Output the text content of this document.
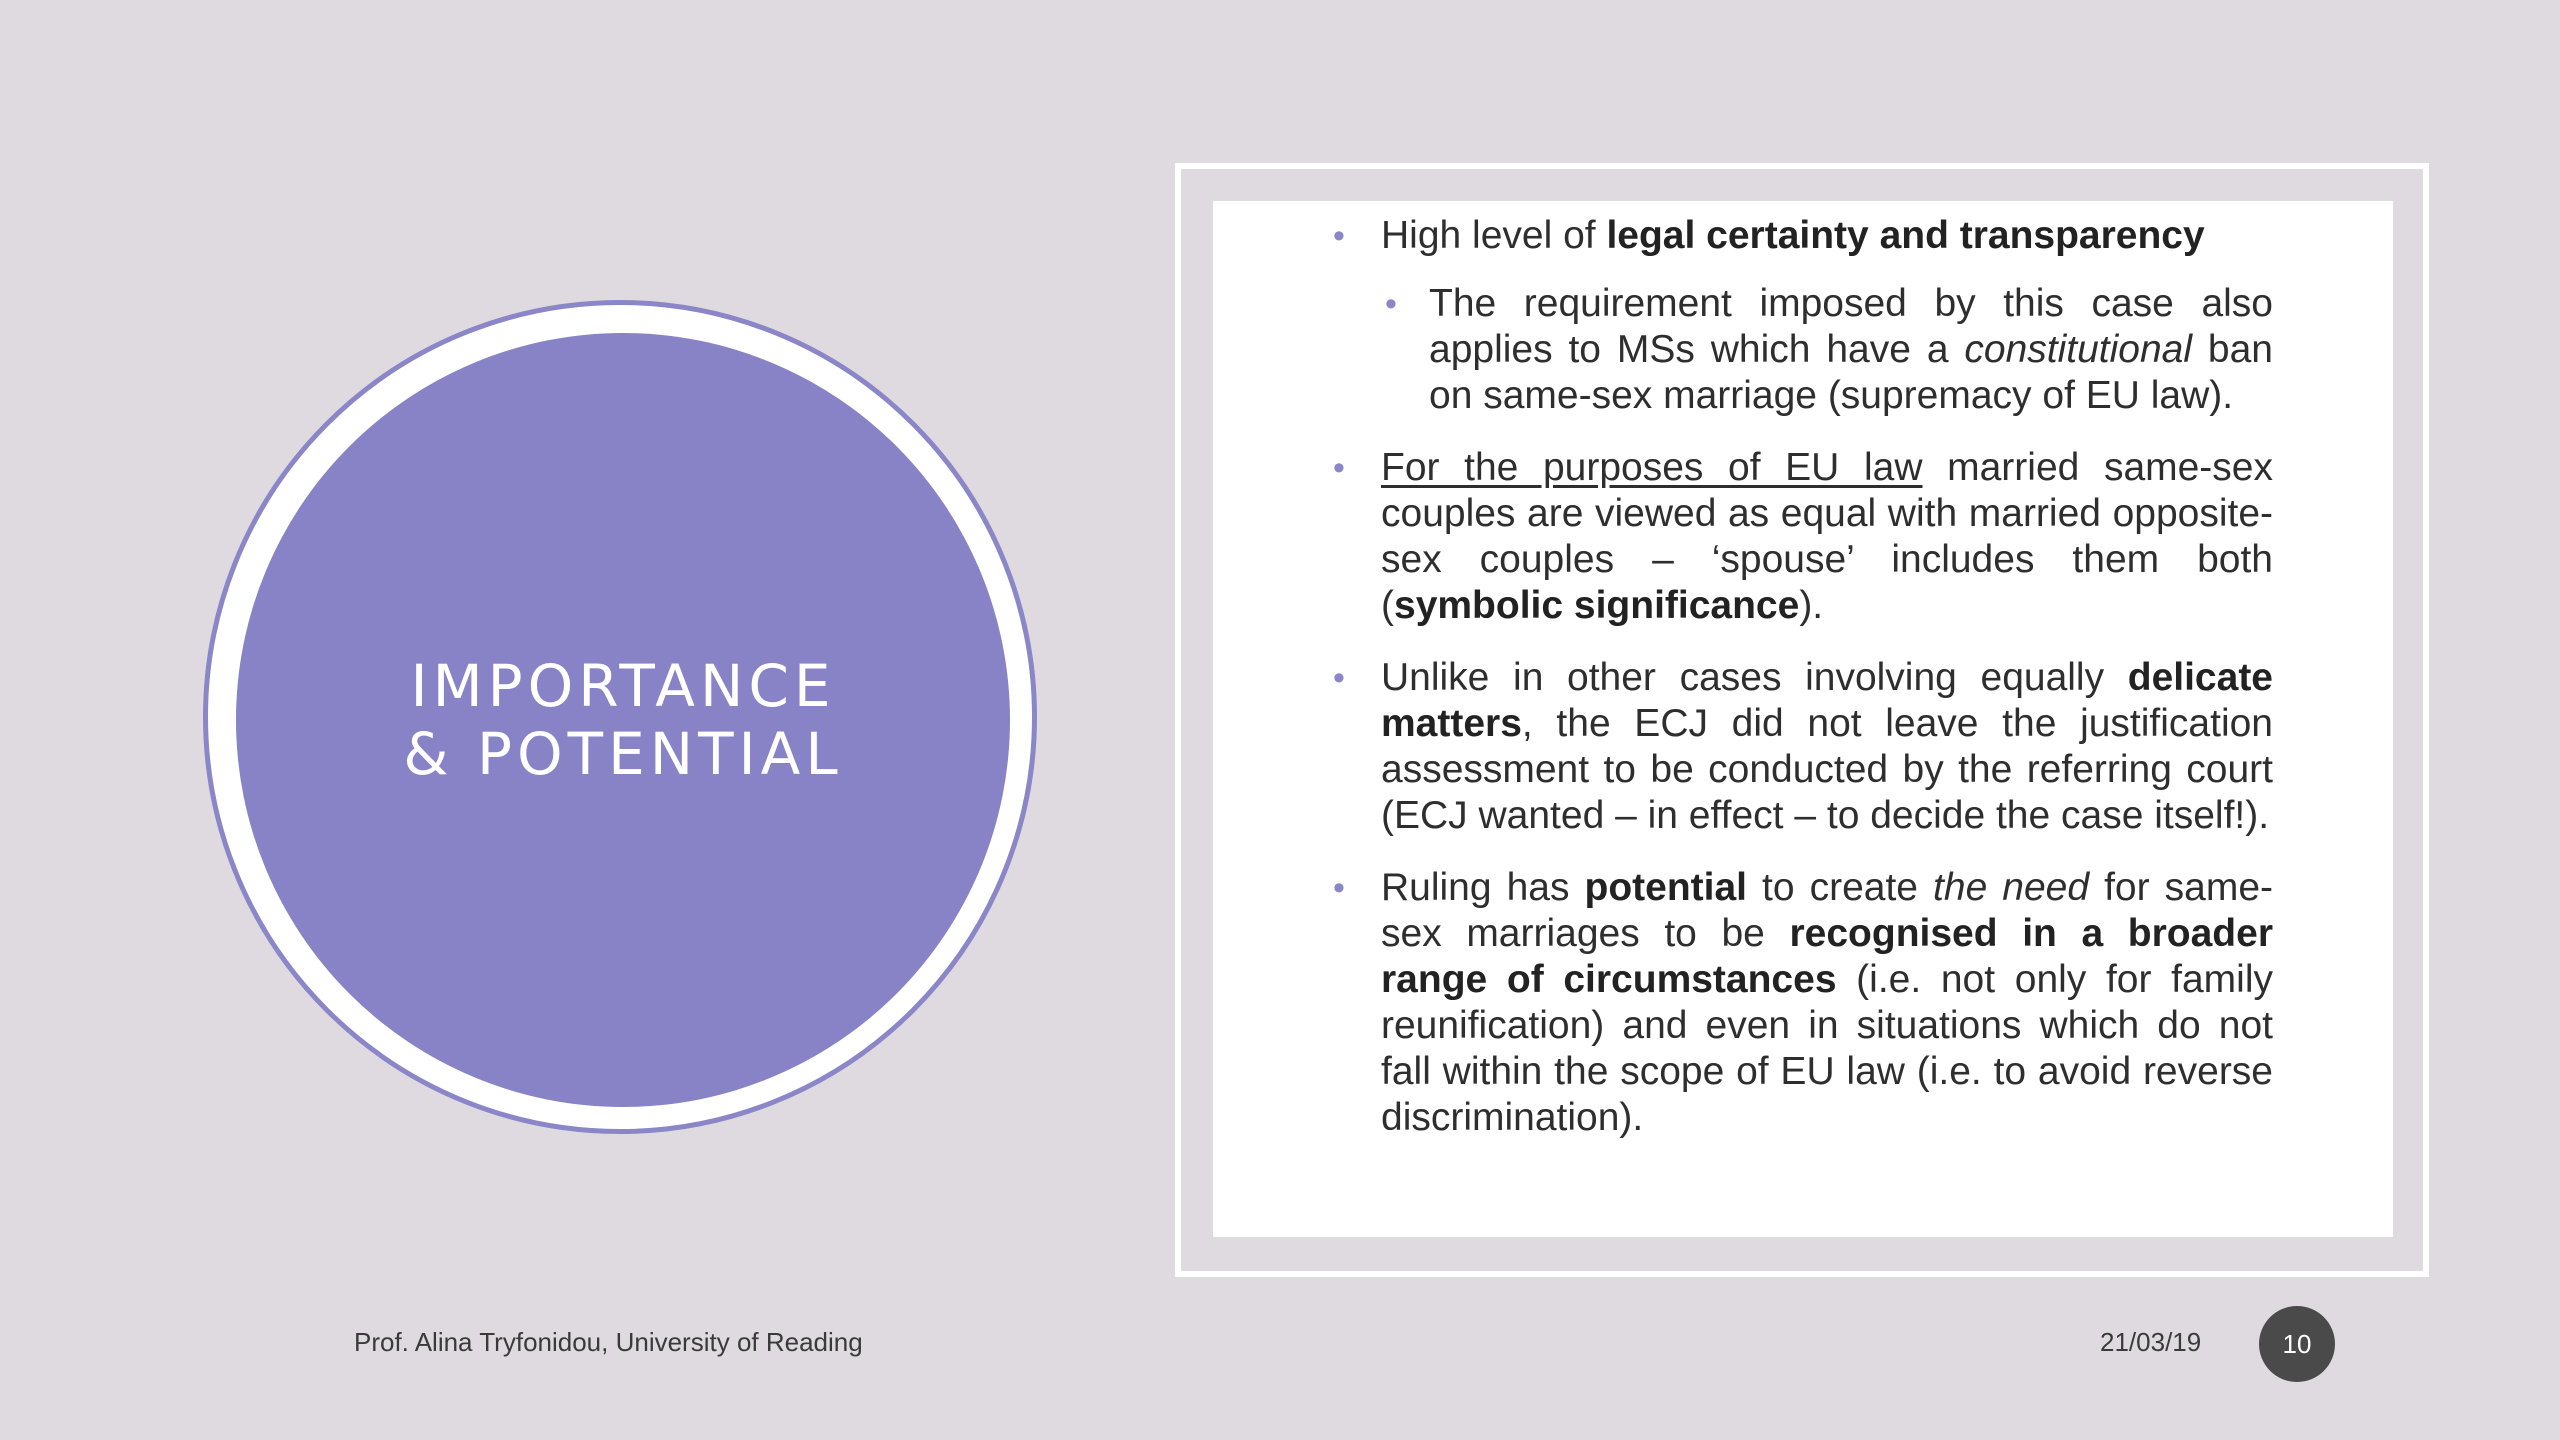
IMPORTANCE
& POTENTIAL
• High level of legal certainty and transparency
• The requirement imposed by this case also applies to MSs which have a constitutional ban on same-sex marriage (supremacy of EU law).
• For the purposes of EU law married same-sex couples are viewed as equal with married opposite-sex couples – ‘spouse’ includes them both (symbolic significance).
• Unlike in other cases involving equally delicate matters, the ECJ did not leave the justification assessment to be conducted by the referring court (ECJ wanted – in effect – to decide the case itself!).
• Ruling has potential to create the need for same-sex marriages to be recognised in a broader range of circumstances (i.e. not only for family reunification) and even in situations which do not fall within the scope of EU law (i.e. to avoid reverse discrimination).
Prof. Alina Tryfonidou, University of Reading	21/03/19	10
